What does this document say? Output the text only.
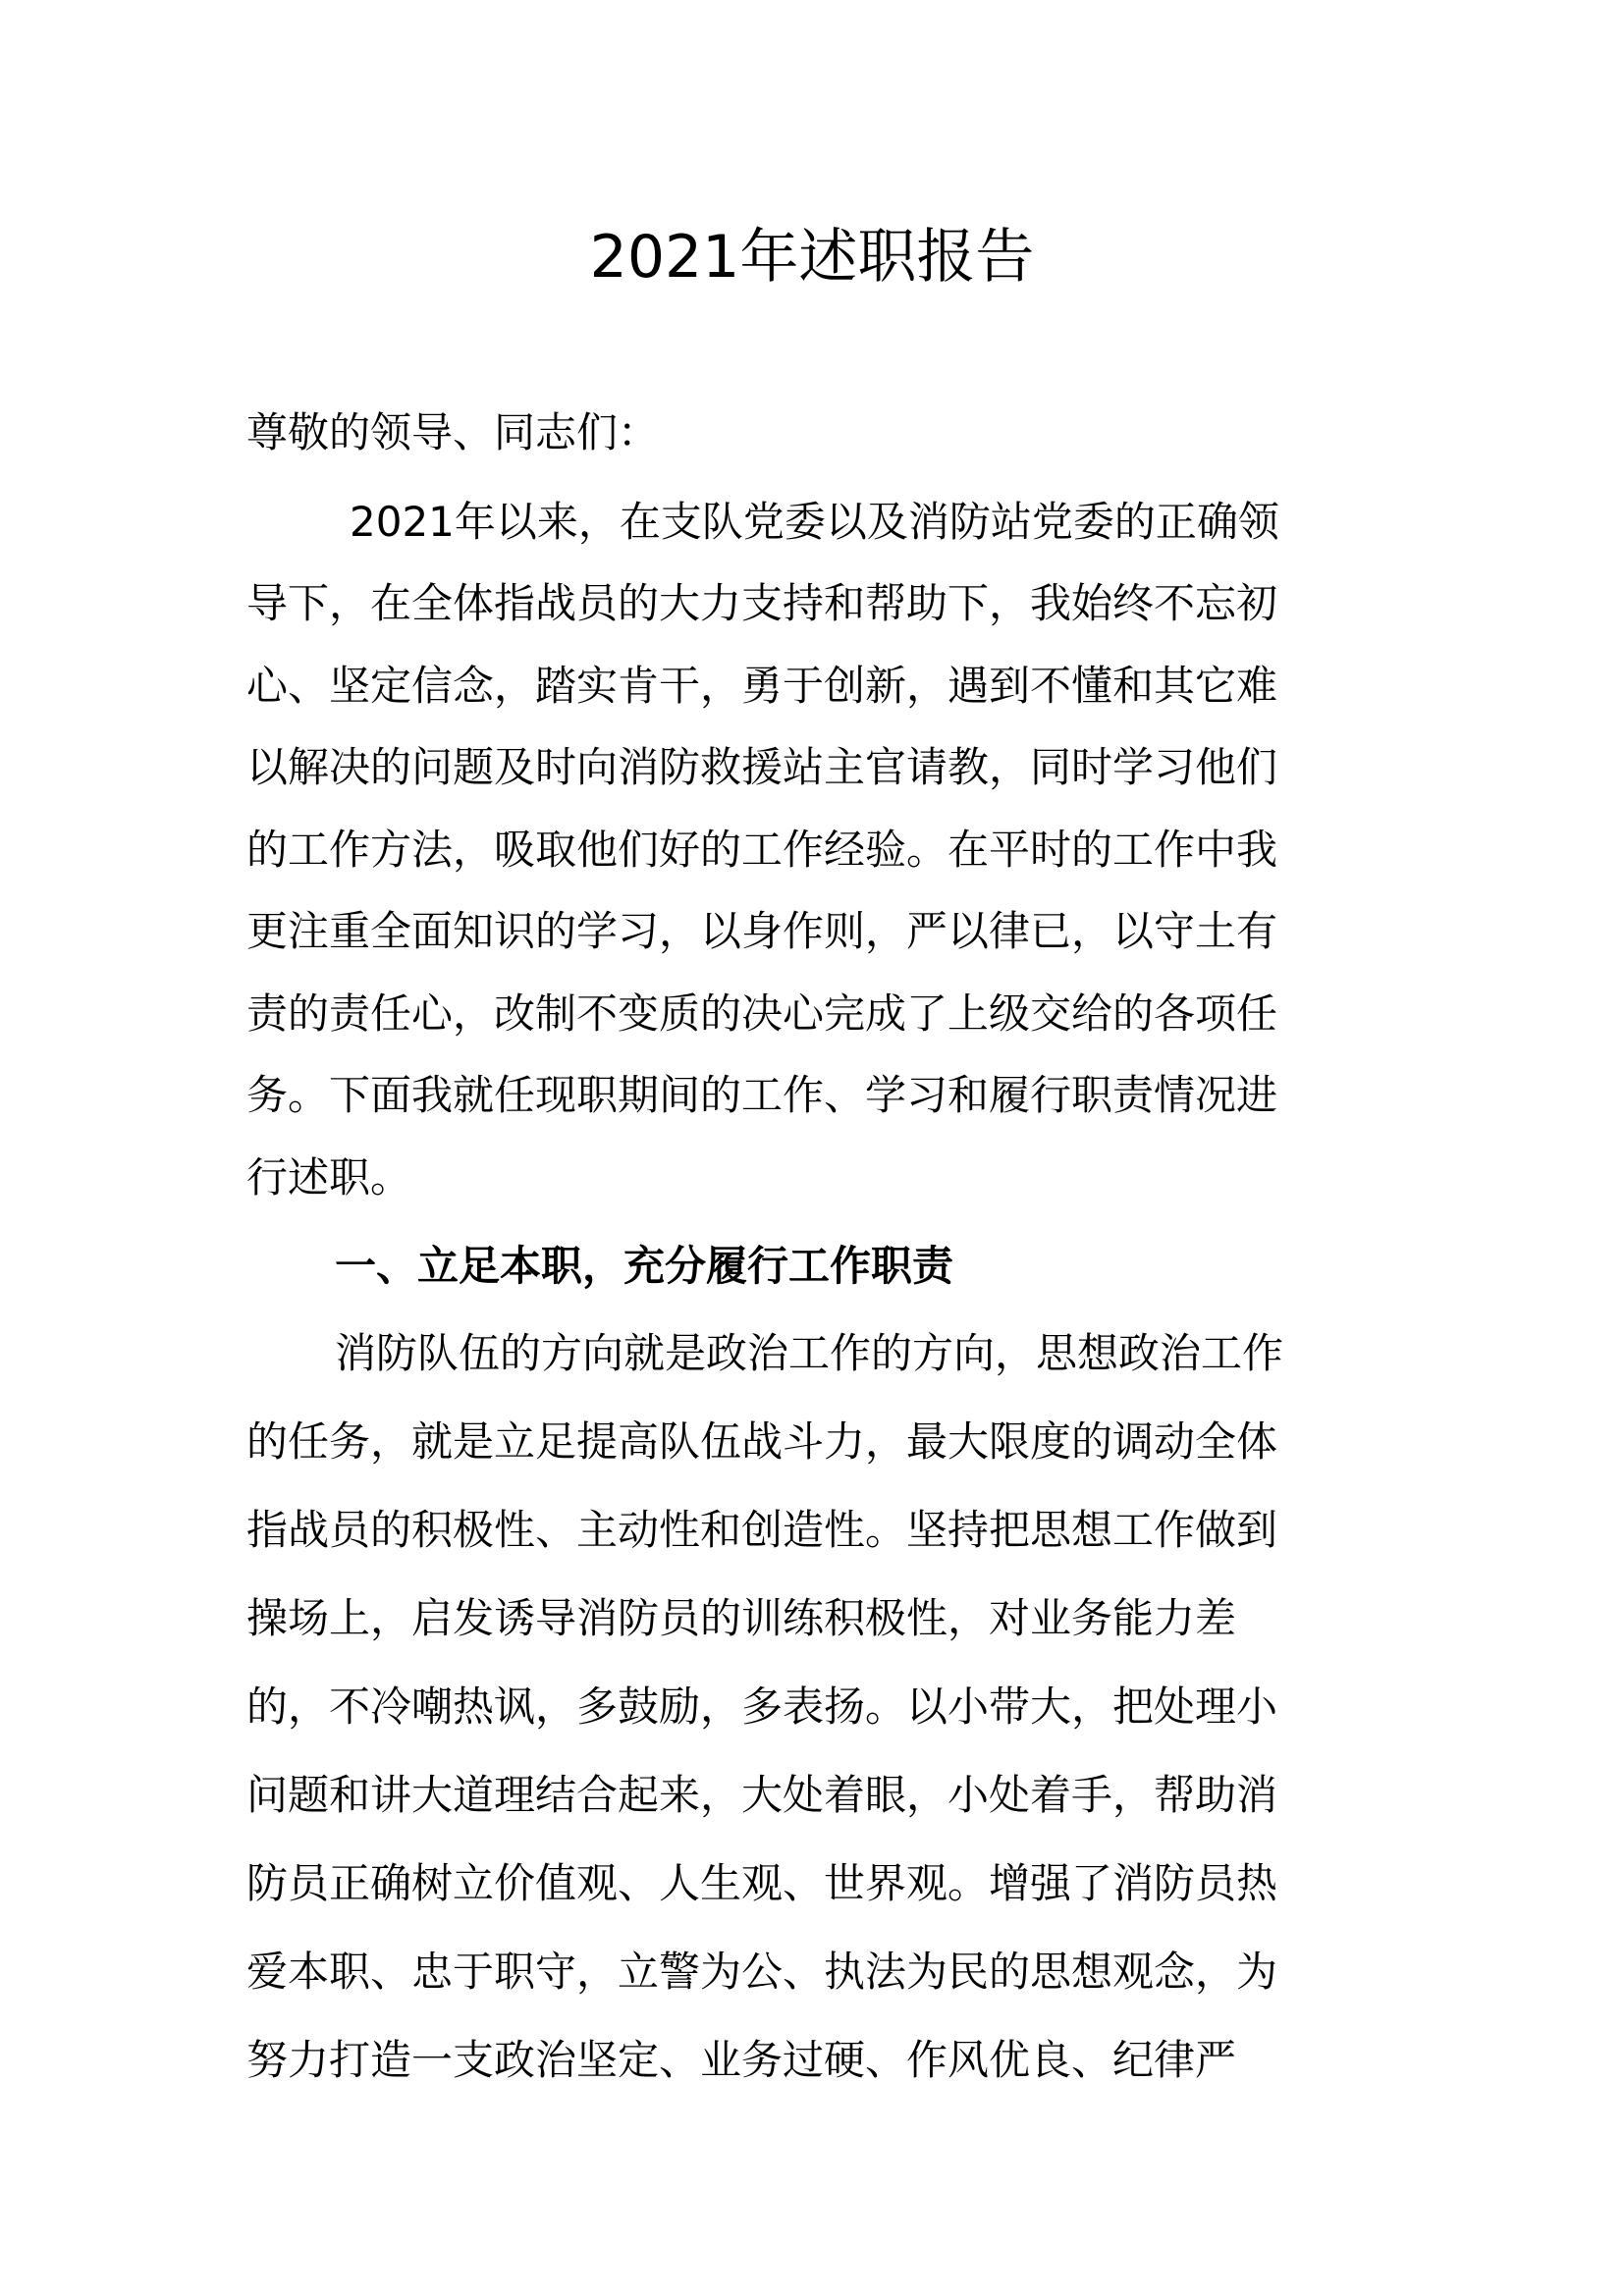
2021年述职报告

尊敬的领导、同志们：

2021年以来，在支队党委以及消防站党委的正确领

导下，在全体指战员的大力支持和帮助下，我始终不忘初

心、坚定信念，踏实肯干，勇于创新，遇到不懂和其它难

以解决的问题及时向消防救援站主官请教，同时学习他们

的工作方法，吸取他们好的工作经验。在平时的工作中我

更注重全面知识的学习，以身作则，严以律已，以守土有

责的责任心，改制不变质的决心完成了上级交给的各项任

务。下面我就任现职期间的工作、学习和履行职责情况进

行述职。

一、立足本职，充分履行工作职责

消防队伍的方向就是政治工作的方向，思想政治工作

的任务，就是立足提高队伍战斗力，最大限度的调动全体

指战员的积极性、主动性和创造性。坚持把思想工作做到

操场上，启发诱导消防员的训练积极性，对业务能力差

的，不冷嘲热讽，多鼓励，多表扬。以小带大，把处理小

问题和讲大道理结合起来，大处着眼，小处着手，帮助消

防员正确树立价值观、人生观、世界观。增强了消防员热

爱本职、忠于职守，立警为公、执法为民的思想观念，为

努力打造一支政治坚定、业务过硬、作风优良、纪律严
